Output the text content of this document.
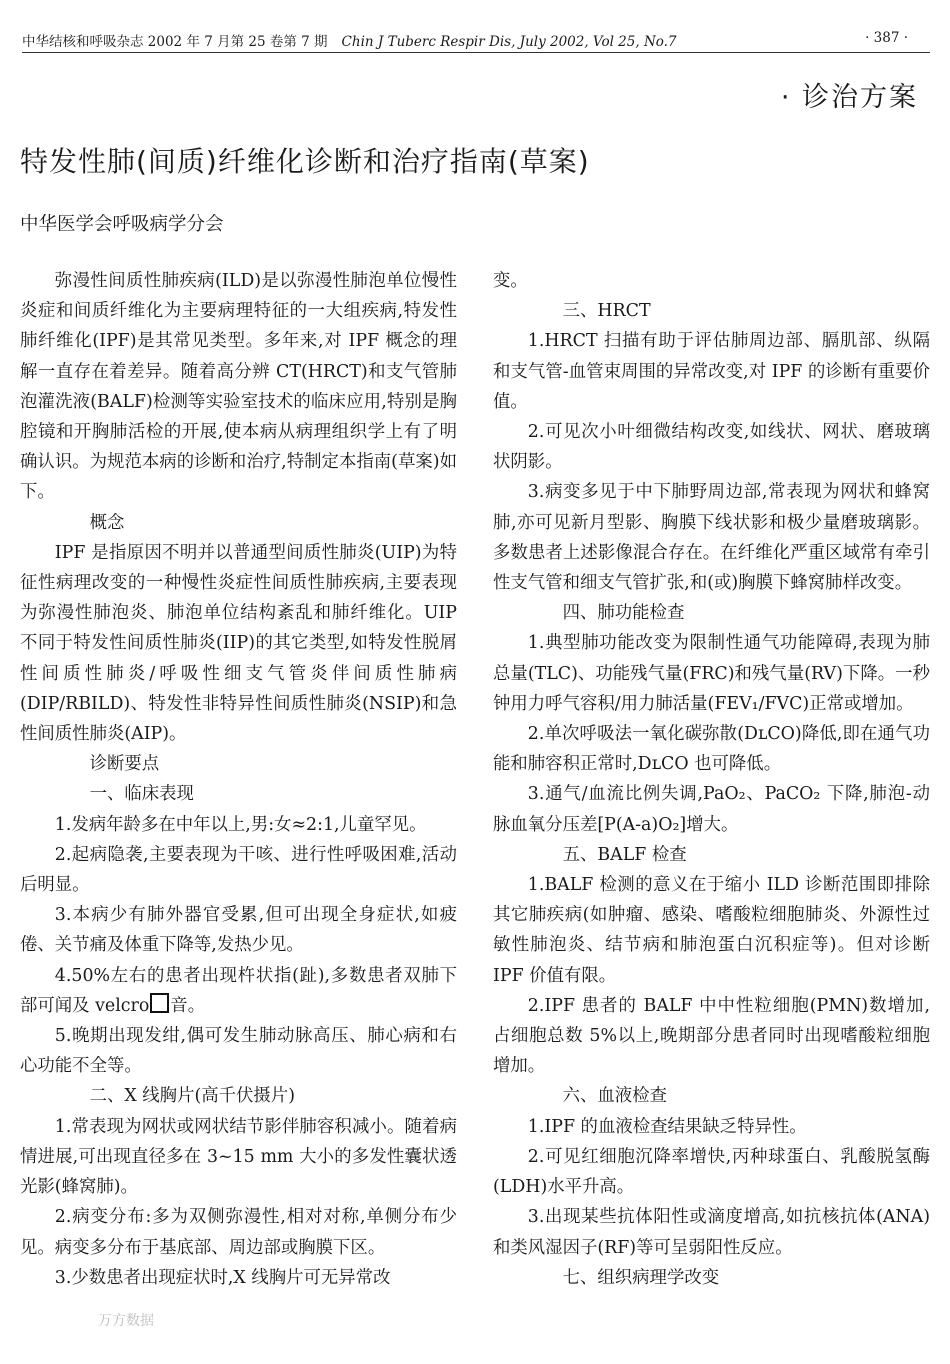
中华结核和呼吸杂志 2002 年 7 月第 25 卷第 7 期 Chin J Tuberc Respir Dis, July 2002, Vol 25, No.7	· 387 ·
· 诊治方案
特发性肺(间质)纤维化诊断和治疗指南(草案)
中华医学会呼吸病学分会

弥漫性间质性肺疾病(ILD)是以弥漫性肺泡单位慢性炎症和间质纤维化为主要病理特征的一大组疾病,特发性肺纤维化(IPF)是其常见类型。多年来,对 IPF 概念的理解一直存在着差异。随着高分辨 CT(HRCT)和支气管肺泡灌洗液(BALF)检测等实验室技术的临床应用,特别是胸腔镜和开胸肺活检的开展,使本病从病理组织学上有了明确认识。为规范本病的诊断和治疗,特制定本指南(草案)如下。

概念

IPF 是指原因不明并以普通型间质性肺炎(UIP)为特征性病理改变的一种慢性炎症性间质性肺疾病,主要表现为弥漫性肺泡炎、肺泡单位结构紊乱和肺纤维化。UIP 不同于特发性间质性肺炎(IIP)的其它类型,如特发性脱屑性间质性肺炎/呼吸性细支气管炎伴间质性肺病(DIP/RBILD)、特发性非特异性间质性肺炎(NSIP)和急性间质性肺炎(AIP)。

诊断要点

一、临床表现

1.发病年龄多在中年以上,男:女≈2:1,儿童罕见。

2.起病隐袭,主要表现为干咳、进行性呼吸困难,活动后明显。

3.本病少有肺外器官受累,但可出现全身症状,如疲倦、关节痛及体重下降等,发热少见。

4.50%左右的患者出现杵状指(趾),多数患者双肺下部可闻及 velcro 音。

5.晚期出现发绀,偶可发生肺动脉高压、肺心病和右心功能不全等。

二、X 线胸片(高千伏摄片)

1.常表现为网状或网状结节影伴肺容积减小。随着病情进展,可出现直径多在 3~15 mm 大小的多发性囊状透光影(蜂窝肺)。

2.病变分布:多为双侧弥漫性,相对对称,单侧分布少见。病变多分布于基底部、周边部或胸膜下区。

3.少数患者出现症状时,X 线胸片可无异常改

变。

三、HRCT

1.HRCT 扫描有助于评估肺周边部、膈肌部、纵隔和支气管-血管束周围的异常改变,对 IPF 的诊断有重要价值。

2.可见次小叶细微结构改变,如线状、网状、磨玻璃状阴影。

3.病变多见于中下肺野周边部,常表现为网状和蜂窝肺,亦可见新月型影、胸膜下线状影和极少量磨玻璃影。多数患者上述影像混合存在。在纤维化严重区域常有牵引性支气管和细支气管扩张,和(或)胸膜下蜂窝肺样改变。

四、肺功能检查

1.典型肺功能改变为限制性通气功能障碍,表现为肺总量(TLC)、功能残气量(FRC)和残气量(RV)下降。一秒钟用力呼气容积/用力肺活量(FEV₁/FVC)正常或增加。

2.单次呼吸法一氧化碳弥散(DʟCO)降低,即在通气功能和肺容积正常时,DʟCO 也可降低。

3.通气/血流比例失调,PaO₂、PaCO₂ 下降,肺泡-动脉血氧分压差[P(A-a)O₂]增大。

五、BALF 检查

1.BALF 检测的意义在于缩小 ILD 诊断范围即排除其它肺疾病(如肿瘤、感染、嗜酸粒细胞肺炎、外源性过敏性肺泡炎、结节病和肺泡蛋白沉积症等)。但对诊断 IPF 价值有限。

2.IPF 患者的 BALF 中中性粒细胞(PMN)数增加,占细胞总数 5%以上,晚期部分患者同时出现嗜酸粒细胞增加。

六、血液检查

1.IPF 的血液检查结果缺乏特异性。

2.可见红细胞沉降率增快,丙种球蛋白、乳酸脱氢酶(LDH)水平升高。

3.出现某些抗体阳性或滴度增高,如抗核抗体(ANA)和类风湿因子(RF)等可呈弱阳性反应。

七、组织病理学改变

万方数据
